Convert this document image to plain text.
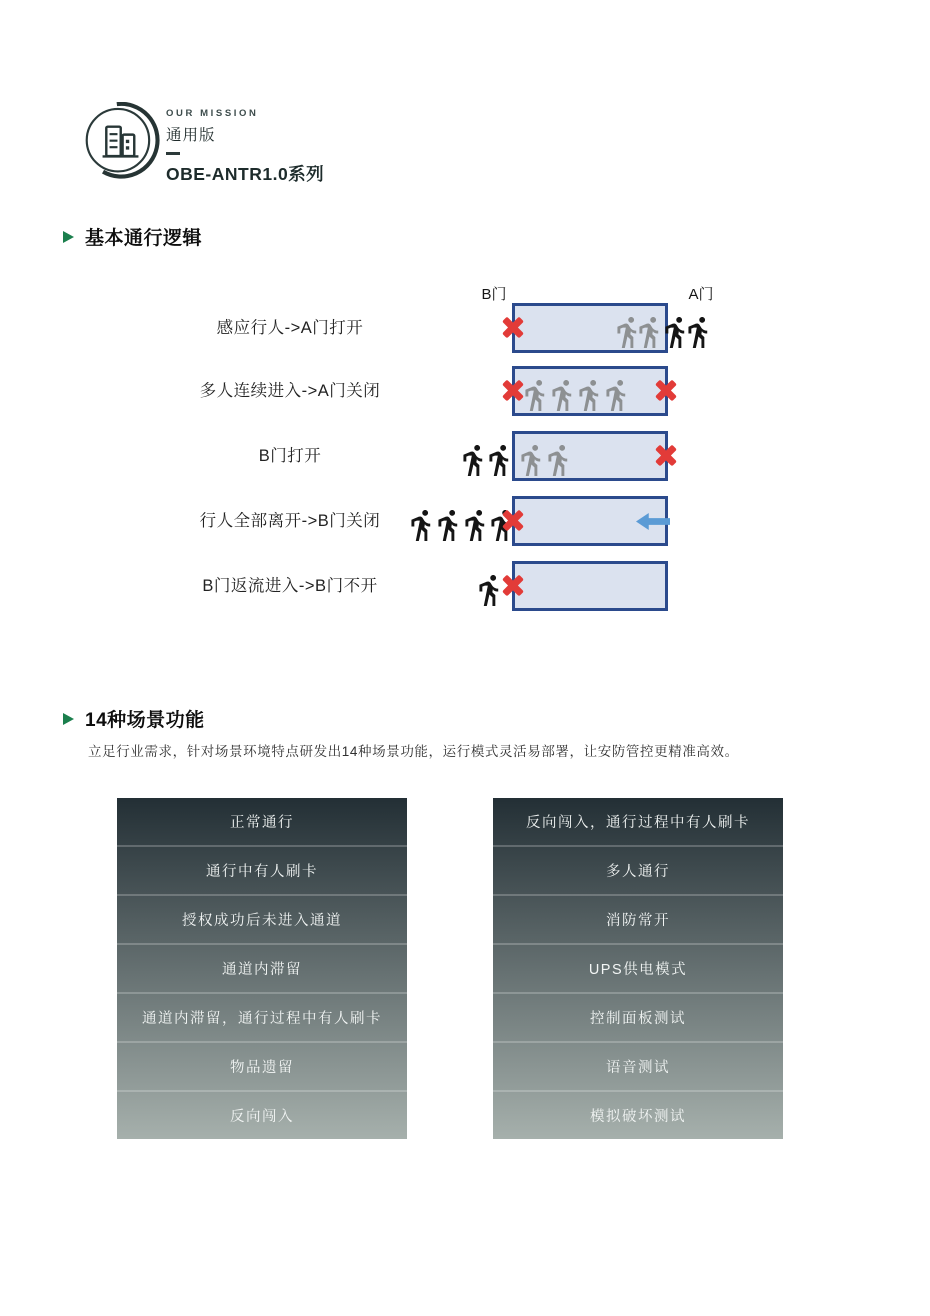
OUR MISSION
通用版
OBE-ANTR1.0系列
基本通行逻辑
B门	A门
感应行人->A门打开
多人连续进入->A门关闭
B门打开
行人全部离开->B门关闭
B门返流进入->B门不开
14种场景功能

立足行业需求，针对场景环境特点研发出14种场景功能，运行模式灵活易部署，让安防管控更精准高效。

正常通行
通行中有人刷卡
授权成功后未进入通道
通道内滞留
通道内滞留，通行过程中有人刷卡
物品遗留
反向闯入
反向闯入，通行过程中有人刷卡
多人通行
消防常开
UPS供电模式
控制面板测试
语音测试
模拟破坏测试
